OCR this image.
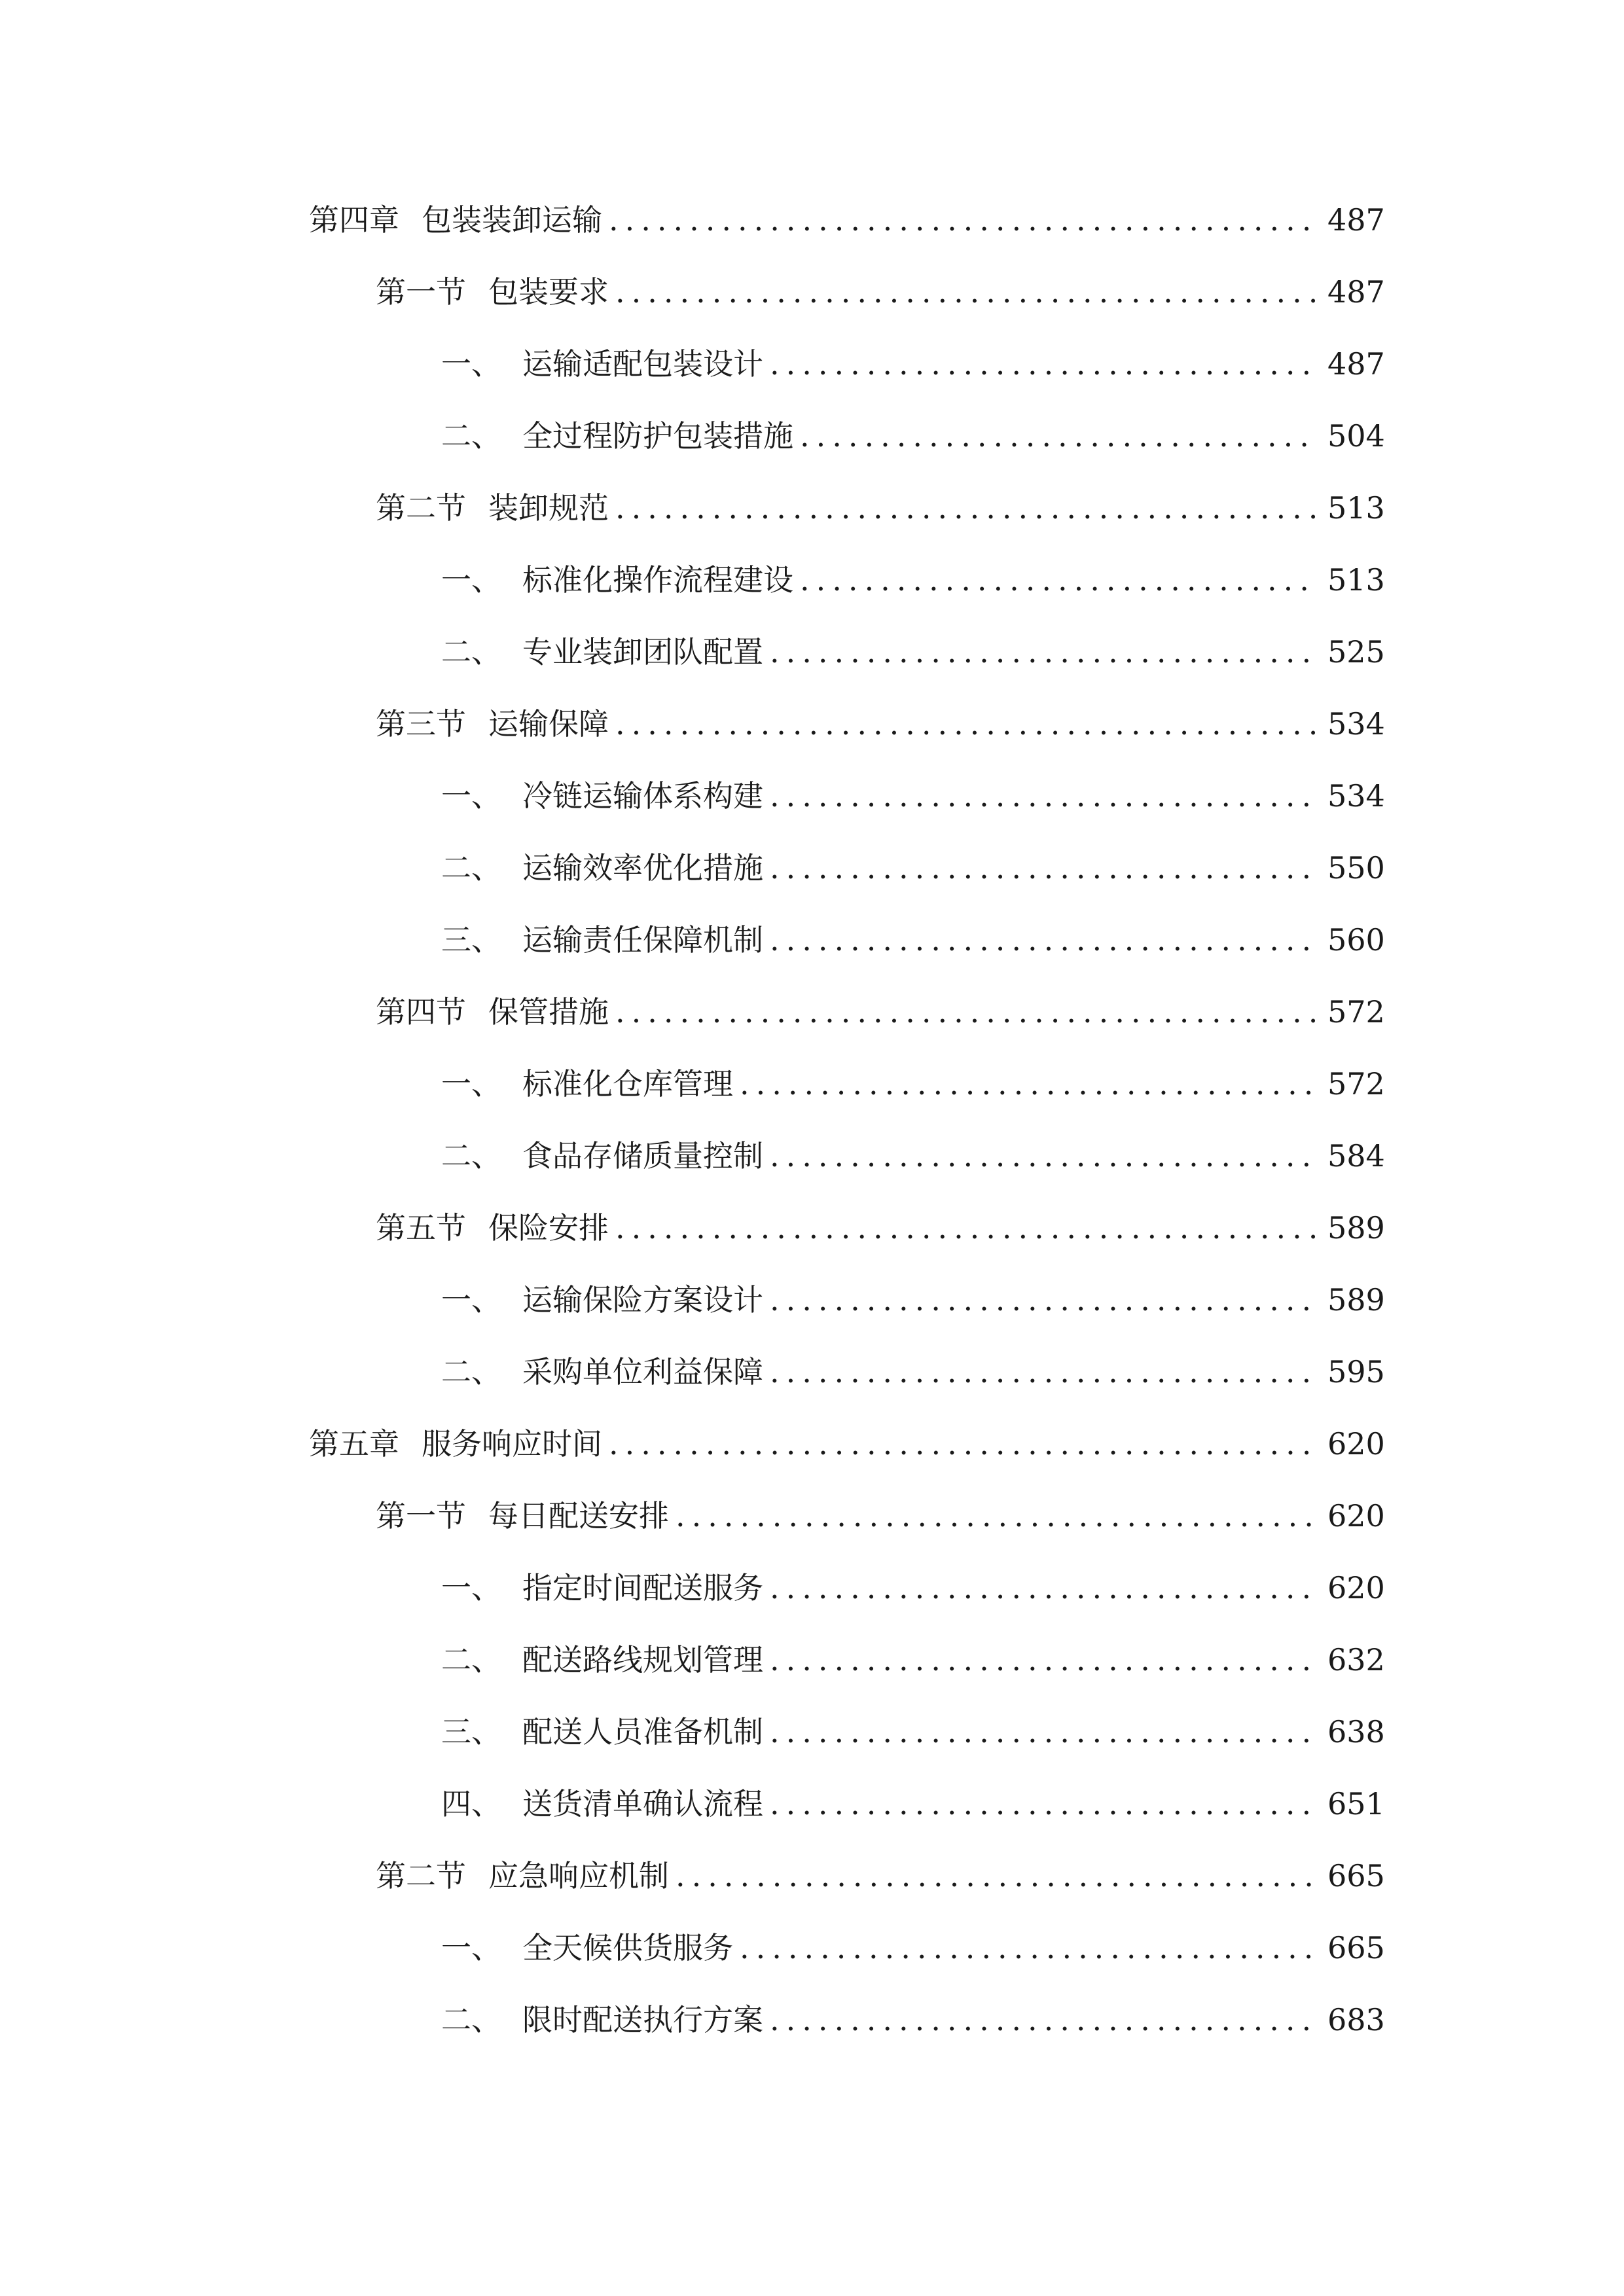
第四章 包装装卸运输 .....	487
第一节 包装要求 .....	487
一、 运输适配包装设计 .....	487
二、 全过程防护包装措施 .....	504
第二节 装卸规范 .....	513
一、 标准化操作流程建设 .....	513
二、 专业装卸团队配置 .....	525
第三节 运输保障 .....	534
一、 冷链运输体系构建 .....	534
二、 运输效率优化措施 .....	550
三、 运输责任保障机制 .....	560
第四节 保管措施 .....	572
一、 标准化仓库管理 .....	572
二、 食品存储质量控制 .....	584
第五节 保险安排 .....	589
一、 运输保险方案设计 .....	589
二、 采购单位利益保障 .....	595
第五章 服务响应时间 .....	620
第一节 每日配送安排 .....	620
一、 指定时间配送服务 .....	620
二、 配送路线规划管理 .....	632
三、 配送人员准备机制 .....	638
四、 送货清单确认流程 .....	651
第二节 应急响应机制 .....	665
一、 全天候供货服务 .....	665
二、 限时配送执行方案 .....	683
